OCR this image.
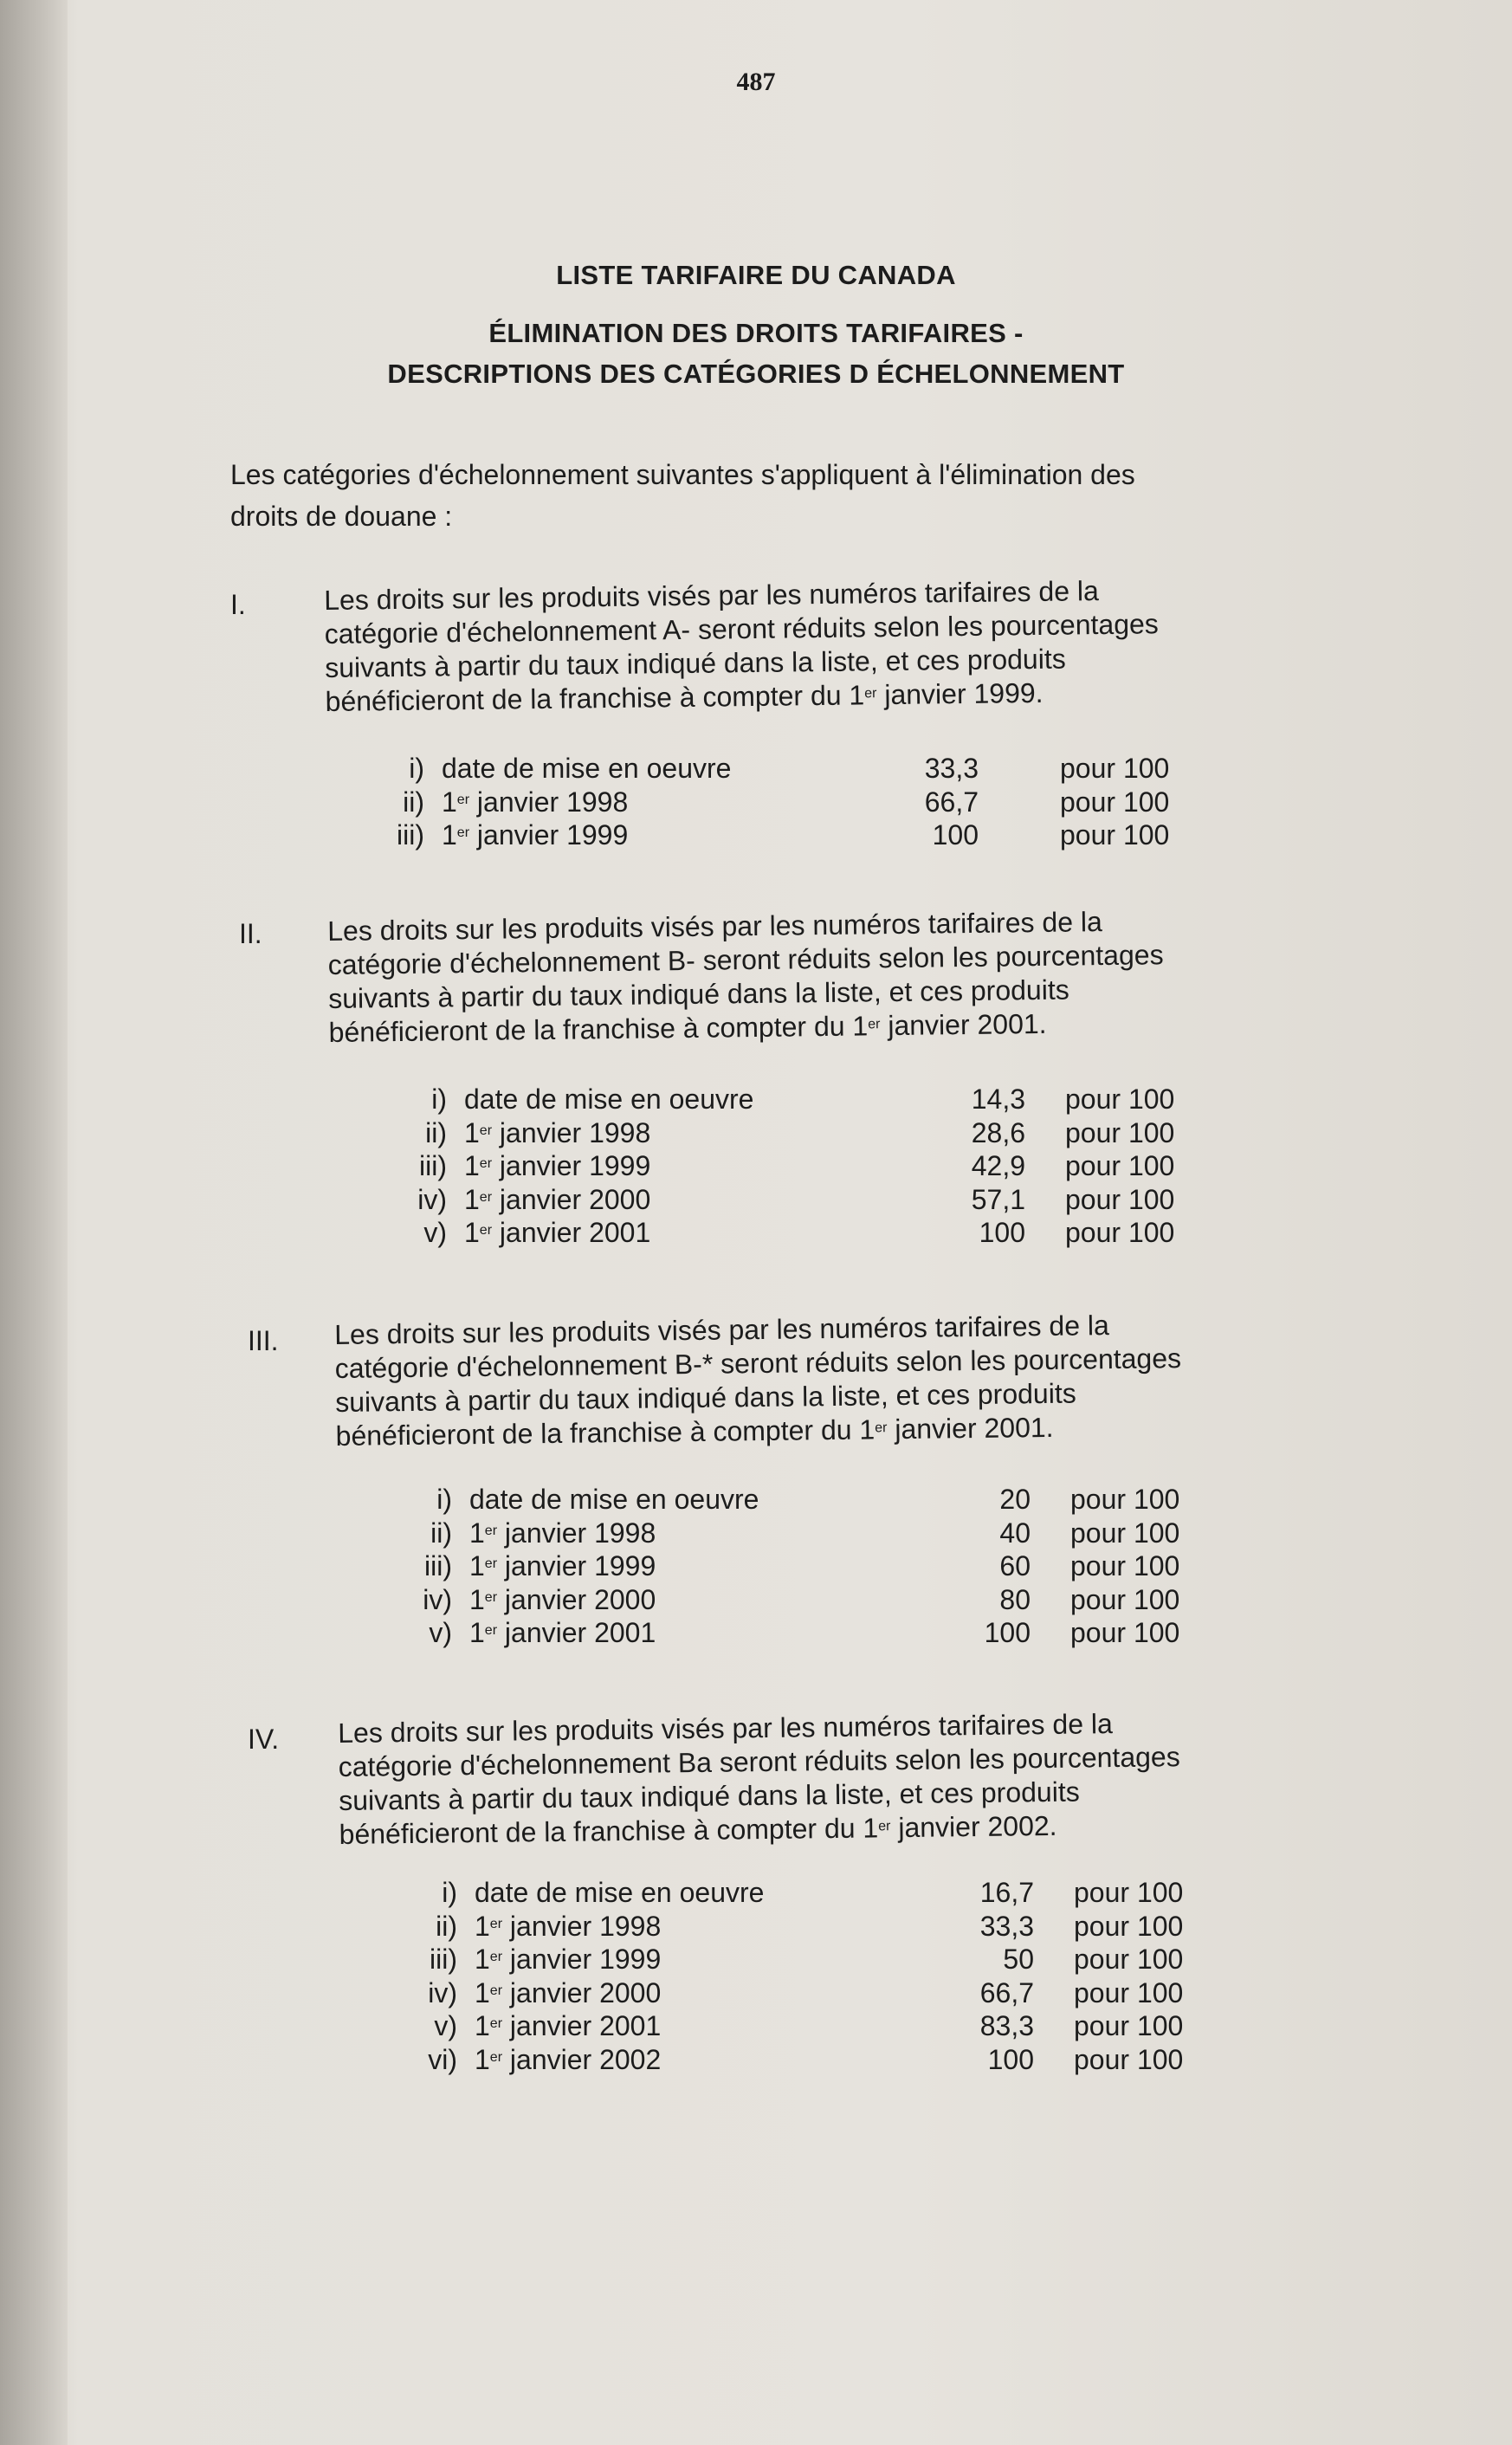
487
LISTE TARIFAIRE DU CANADA
ÉLIMINATION DES DROITS TARIFAIRES -
DESCRIPTIONS DES CATÉGORIES D ÉCHELONNEMENT
Les catégories d'échelonnement suivantes s'appliquent à l'élimination des
droits de douane :
I.	Les droits sur les produits visés par les numéros tarifaires de la
catégorie d'échelonnement A- seront réduits selon les pourcentages
suivants à partir du taux indiqué dans la liste, et ces produits
bénéficieront de la franchise à compter du 1er janvier 1999.
i) date de mise en oeuvre	33,3	pour 100
ii) 1er janvier 1998	66,7	pour 100
iii) 1er janvier 1999	100	pour 100
II. Les droits sur les produits visés par les numéros tarifaires de la
catégorie d'échelonnement B- seront réduits selon les pourcentages
suivants à partir du taux indiqué dans la liste, et ces produits
bénéficieront de la franchise à compter du 1er janvier 2001.
i) date de mise en oeuvre	14,3 pour 100
ii) 1er janvier 1998	28,6 pour 100
iii) 1er janvier 1999	42,9 pour 100
iv) 1er janvier 2000	57,1 pour 100
v) 1er janvier 2001	100 pour 100
III. Les droits sur les produits visés par les numéros tarifaires de la
catégorie d'échelonnement B-* seront réduits selon les pourcentages
suivants à partir du taux indiqué dans la liste, et ces produits
bénéficieront de la franchise à compter du 1er janvier 2001.
i) date de mise en oeuvre	20 pour 100
ii) 1er janvier 1998	40 pour 100
iii) 1er janvier 1999	60 pour 100
iv) 1er janvier 2000	80 pour 100
v) 1er janvier 2001	100 pour 100
IV. Les droits sur les produits visés par les numéros tarifaires de la
catégorie d'échelonnement Ba seront réduits selon les pourcentages
suivants à partir du taux indiqué dans la liste, et ces produits
bénéficieront de la franchise à compter du 1er janvier 2002.
i) date de mise en oeuvre	16,7 pour 100
ii) 1er janvier 1998	33,3 pour 100
iii) 1er janvier 1999	50 pour 100
iv) 1er janvier 2000	66,7 pour 100
v) 1er janvier 2001	83,3 pour 100
vi) 1er janvier 2002	100 pour 100
